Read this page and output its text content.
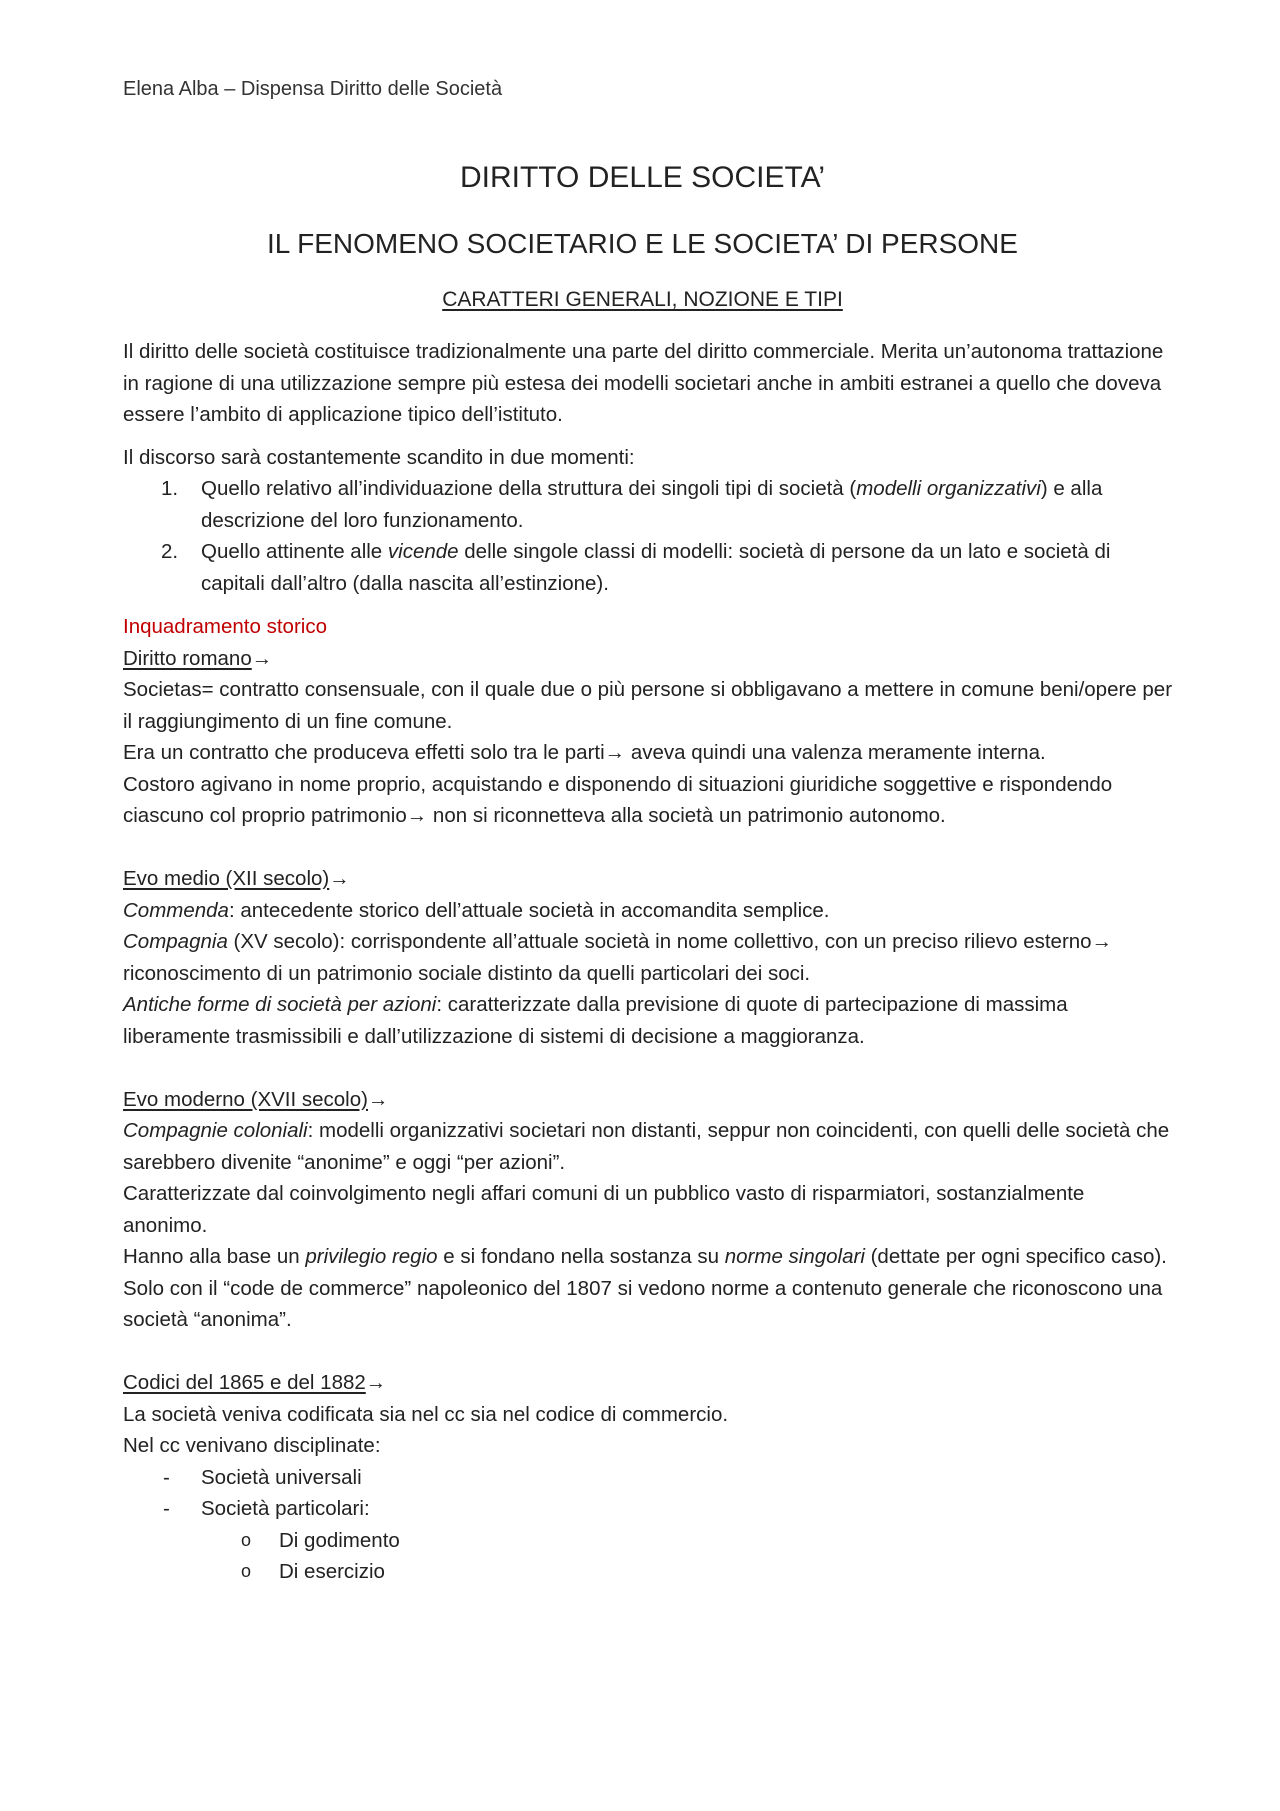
Elena Alba – Dispensa Diritto delle Società
DIRITTO DELLE SOCIETA’
IL FENOMENO SOCIETARIO E LE SOCIETA’ DI PERSONE
CARATTERI GENERALI, NOZIONE E TIPI

Il diritto delle società costituisce tradizionalmente una parte del diritto commerciale. Merita un’autonoma trattazione in ragione di una utilizzazione sempre più estesa dei modelli societari anche in ambiti estranei a quello che doveva essere l’ambito di applicazione tipico dell’istituto.

Il discorso sarà costantemente scandito in due momenti:

1. Quello relativo all’individuazione della struttura dei singoli tipi di società (modelli organizzativi) e alla descrizione del loro funzionamento.
2. Quello attinente alle vicende delle singole classi di modelli: società di persone da un lato e società di capitali dall’altro (dalla nascita all’estinzione).

Inquadramento storico

Diritto romano→

Societas= contratto consensuale, con il quale due o più persone si obbligavano a mettere in comune beni/opere per il raggiungimento di un fine comune.

Era un contratto che produceva effetti solo tra le parti→ aveva quindi una valenza meramente interna.

Costoro agivano in nome proprio, acquistando e disponendo di situazioni giuridiche soggettive e rispondendo ciascuno col proprio patrimonio→ non si riconnetteva alla società un patrimonio autonomo.

Evo medio (XII secolo)→

Commenda: antecedente storico dell’attuale società in accomandita semplice.

Compagnia (XV secolo): corrispondente all’attuale società in nome collettivo, con un preciso rilievo esterno→ riconoscimento di un patrimonio sociale distinto da quelli particolari dei soci.

Antiche forme di società per azioni: caratterizzate dalla previsione di quote di partecipazione di massima liberamente trasmissibili e dall’utilizzazione di sistemi di decisione a maggioranza.

Evo moderno (XVII secolo)→

Compagnie coloniali: modelli organizzativi societari non distanti, seppur non coincidenti, con quelli delle società che sarebbero divenite “anonime” e oggi “per azioni”.

Caratterizzate dal coinvolgimento negli affari comuni di un pubblico vasto di risparmiatori, sostanzialmente anonimo.

Hanno alla base un privilegio regio e si fondano nella sostanza su norme singolari (dettate per ogni specifico caso).

Solo con il “code de commerce” napoleonico del 1807 si vedono norme a contenuto generale che riconoscono una società “anonima”.

Codici del 1865 e del 1882→

La società veniva codificata sia nel cc sia nel codice di commercio.

Nel cc venivano disciplinate:

- Società universali
- Società particolari:
o Di godimento
o Di esercizio
